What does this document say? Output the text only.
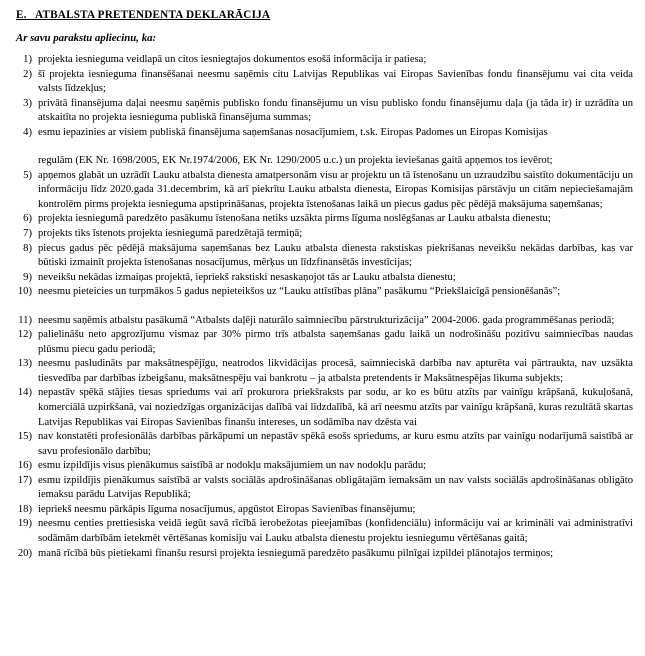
E.   ATBALSTA PRETENDENTA DEKLARĀCIJA
Ar savu parakstu apliecinu, ka:
1) projekta iesnieguma veidlapā un citos iesniegtajos dokumentos esošā informācija ir patiesa;
2) šī projekta iesnieguma finansēšanai neesmu saņēmis citu Latvijas Republikas vai Eiropas Savienības fondu finansējumu vai cita veida valsts līdzekļus;
3) privātā finansējuma daļai neesmu saņēmis publisko fondu finansējumu un visu publisko fondu finansējumu daļa (ja tāda ir) ir uzrādīta un atskaitīta no projekta iesnieguma publiskā finansējuma summas;
4) esmu iepazinies ar visiem publiskā finansējuma saņemšanas nosacījumiem, t.sk. Eiropas Padomes un Eiropas Komisijas
regulām (EK Nr. 1698/2005, EK Nr.1974/2006, EK Nr. 1290/2005 u.c.) un projekta ieviešanas gaitā apņemos tos ievērot;
5) apņemos glabāt un uzrādīt Lauku atbalsta dienesta amatpersonām visu ar projektu un tā īstenošanu un uzraudzību saistīto dokumentāciju un informāciju līdz 2020.gada 31.decembrim, kā arī piekrītu Lauku atbalsta dienesta, Eiropas Komisijas pārstāvju un citām nepieciešamajām kontrolēm pirms projekta iesnieguma apstiprināšanas, projekta īstenošanas laikā un piecus gadus pēc pēdējā maksājuma saņemšanas;
6) projekta iesniegumā paredzēto pasākumu īstenošana netiks uzsākta pirms līguma noslēgšanas ar Lauku atbalsta dienestu;
7) projekts tiks īstenots projekta iesniegumā paredzētajā termiņā;
8) piecus gadus pēc pēdējā maksājuma saņemšanas bez Lauku atbalsta dienesta rakstiskas piekrišanas neveikšu nekādas darbības, kas var būtiski izmainīt projekta īstenošanas nosacījumus, mērķus un līdzfinansētās investīcijas;
9) neveikšu nekādas izmaiņas projektā, iepriekš rakstiski nesaskaņojot tās ar Lauku atbalsta dienestu;
10) neesmu pieteicies un turpmākos 5 gadus nepieteikšos uz “Lauku attīstības plāna” pasākumu “Priekšlaicīgā pensionēšanās”;
11) neesmu saņēmis atbalstu pasākumā “Atbalsts daļēji naturālo saimniecību pārstrukturizācija” 2004-2006. gada programmēšanas periodā;
12) palielināšu neto apgrozījumu vismaz par 30% pirmo trīs atbalsta saņemšanas gadu laikā un nodrošināšu pozitīvu saimniecības naudas plūsmu piecu gadu periodā;
13) neesmu pasludināts par maksātnespējīgu, neatrodos likvidācijas procesā, saimnieciskā darbība nav apturēta vai pārtraukta, nav uzsākta tiesvedība par darbības izbeigšanu, maksātnespēju vai bankrotu – ja atbalsta pretendents ir Maksātnespējas likuma subjekts;
14) nepastāv spēkā stājies tiesas spriedums vai arī prokurora priekšraksts par sodu, ar ko es būtu atzīts par vainīgu krāpšanā, kukuļošanā, komerciālā uzpirkšanā, vai noziedzīgas organizācijas dalībā vai līdzdalībā, kā arī neesmu atzīts par vainīgu krāpšanā, kuras rezultātā skartas Latvijas Republikas vai Eiropas Savienības finanšu intereses, un sodāmība nav dzēsta vai
15) nav konstatēti profesionālās darbības pārkāpumi un nepastāv spēkā esošs spriedums, ar kuru esmu atzīts par vainīgu nodarījumā saistībā ar savu profesionālo darbību;
16) esmu izpildījis visus pienākumus saistībā ar nodokļu maksājumiem un nav nodokļu parādu;
17) esmu izpildījis pienākumus saistībā ar valsts sociālās apdrošināšanas obligātajām iemaksām un nav valsts sociālās apdrošināšanas obligāto iemaksu parādu Latvijas Republikā;
18) iepriekš neesmu pārkāpis līguma nosacījumus, apgūstot Eiropas Savienības finansējumu;
19) neesmu centies prettiesiska veidā iegūt savā rīcībā ierobežotas pieejamības (konfidenciālu) informāciju vai ar krimināli vai administratīvi sodāmām darbībām ietekmēt vērtēšanas komisiju vai Lauku atbalsta dienestu projektu iesniegumu vērtēšanas gaitā;
20) manā rīcībā būs pietiekami finanšu resursi projekta iesniegumā paredzēto pasākumu pilnīgai izpildei plānotajos termiņos;
